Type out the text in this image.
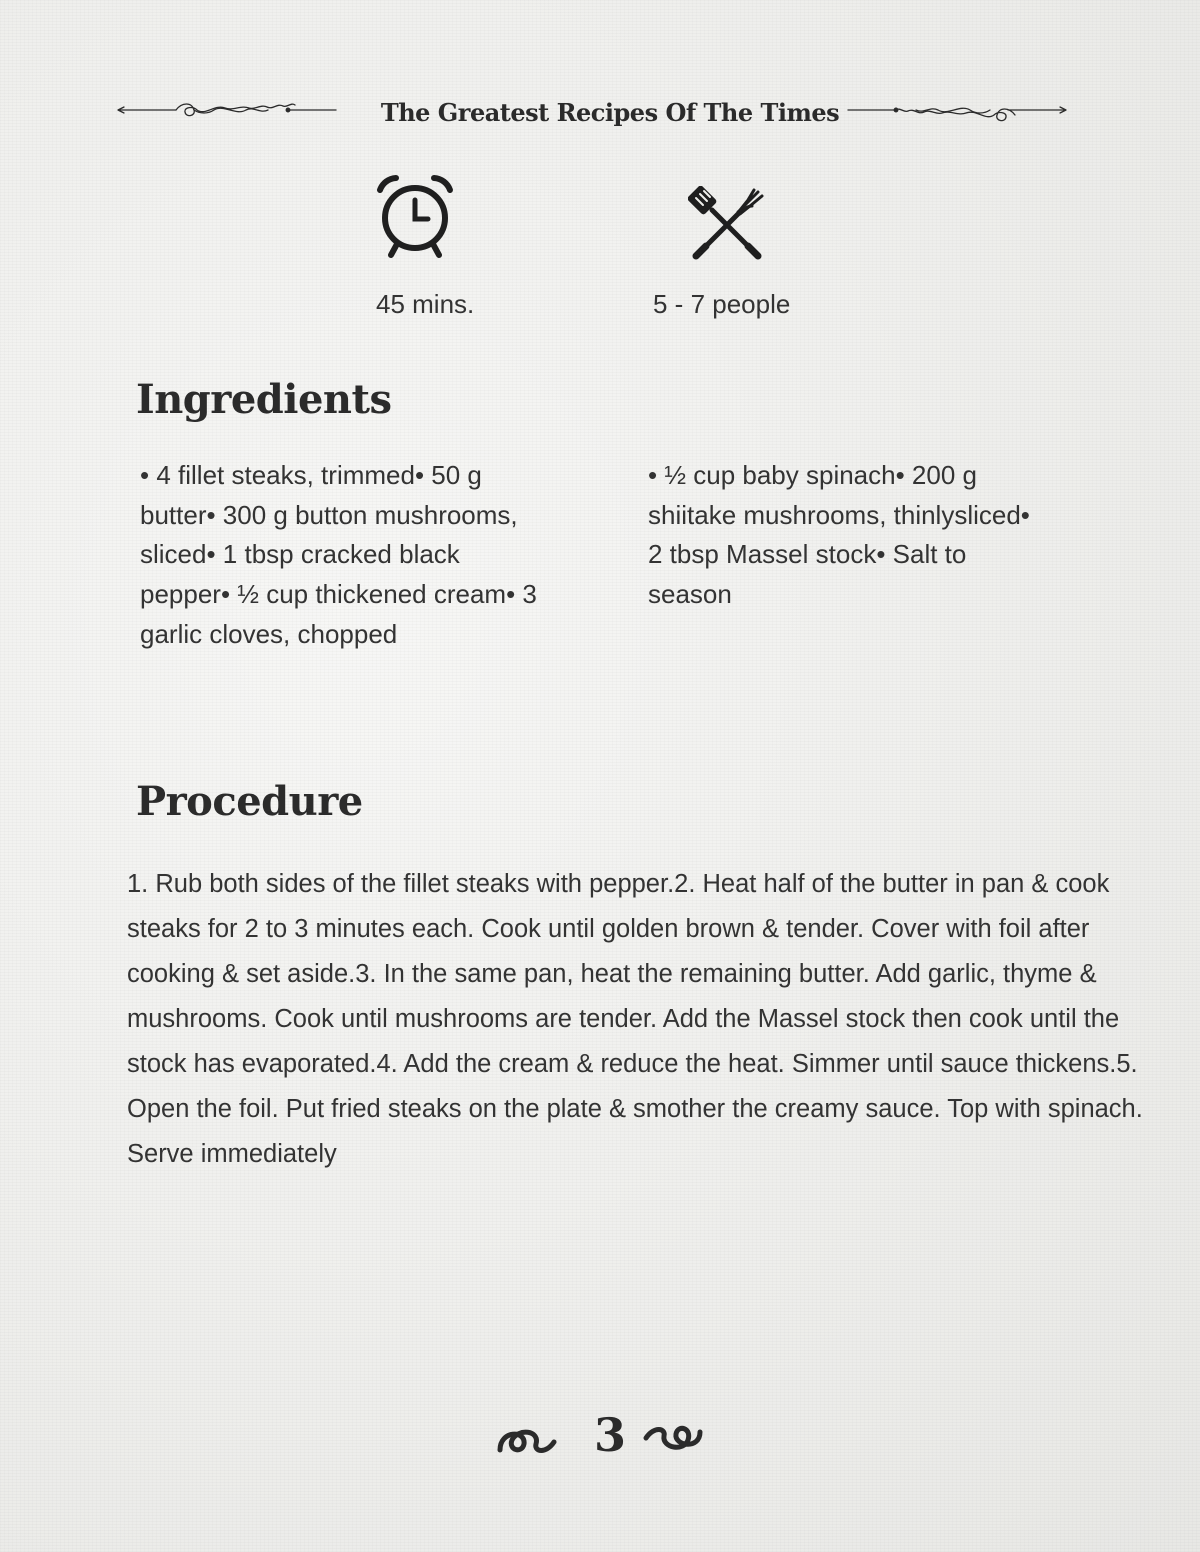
The Greatest Recipes Of The Times
45 mins.	5 - 7 people
Ingredients
• 4 fillet steaks, trimmed• 50 g butter• 300 g button mushrooms, sliced• 1 tbsp cracked black pepper• ½ cup thickened cream• 3 garlic cloves, chopped
• ½ cup baby spinach• 200 g shiitake mushrooms, thinlysliced• 2 tbsp Massel stock• Salt to season
Procedure
1. Rub both sides of the fillet steaks with pepper.2. Heat half of the butter in pan & cook steaks for 2 to 3 minutes each. Cook until golden brown & tender. Cover with foil after cooking & set aside.3. In the same pan, heat the remaining butter. Add garlic, thyme & mushrooms. Cook until mushrooms are tender. Add the Massel stock then cook until the stock has evaporated.4. Add the cream & reduce the heat. Simmer until sauce thickens.5. Open the foil. Put fried steaks on the plate & smother the creamy sauce. Top with spinach. Serve immediately
3
